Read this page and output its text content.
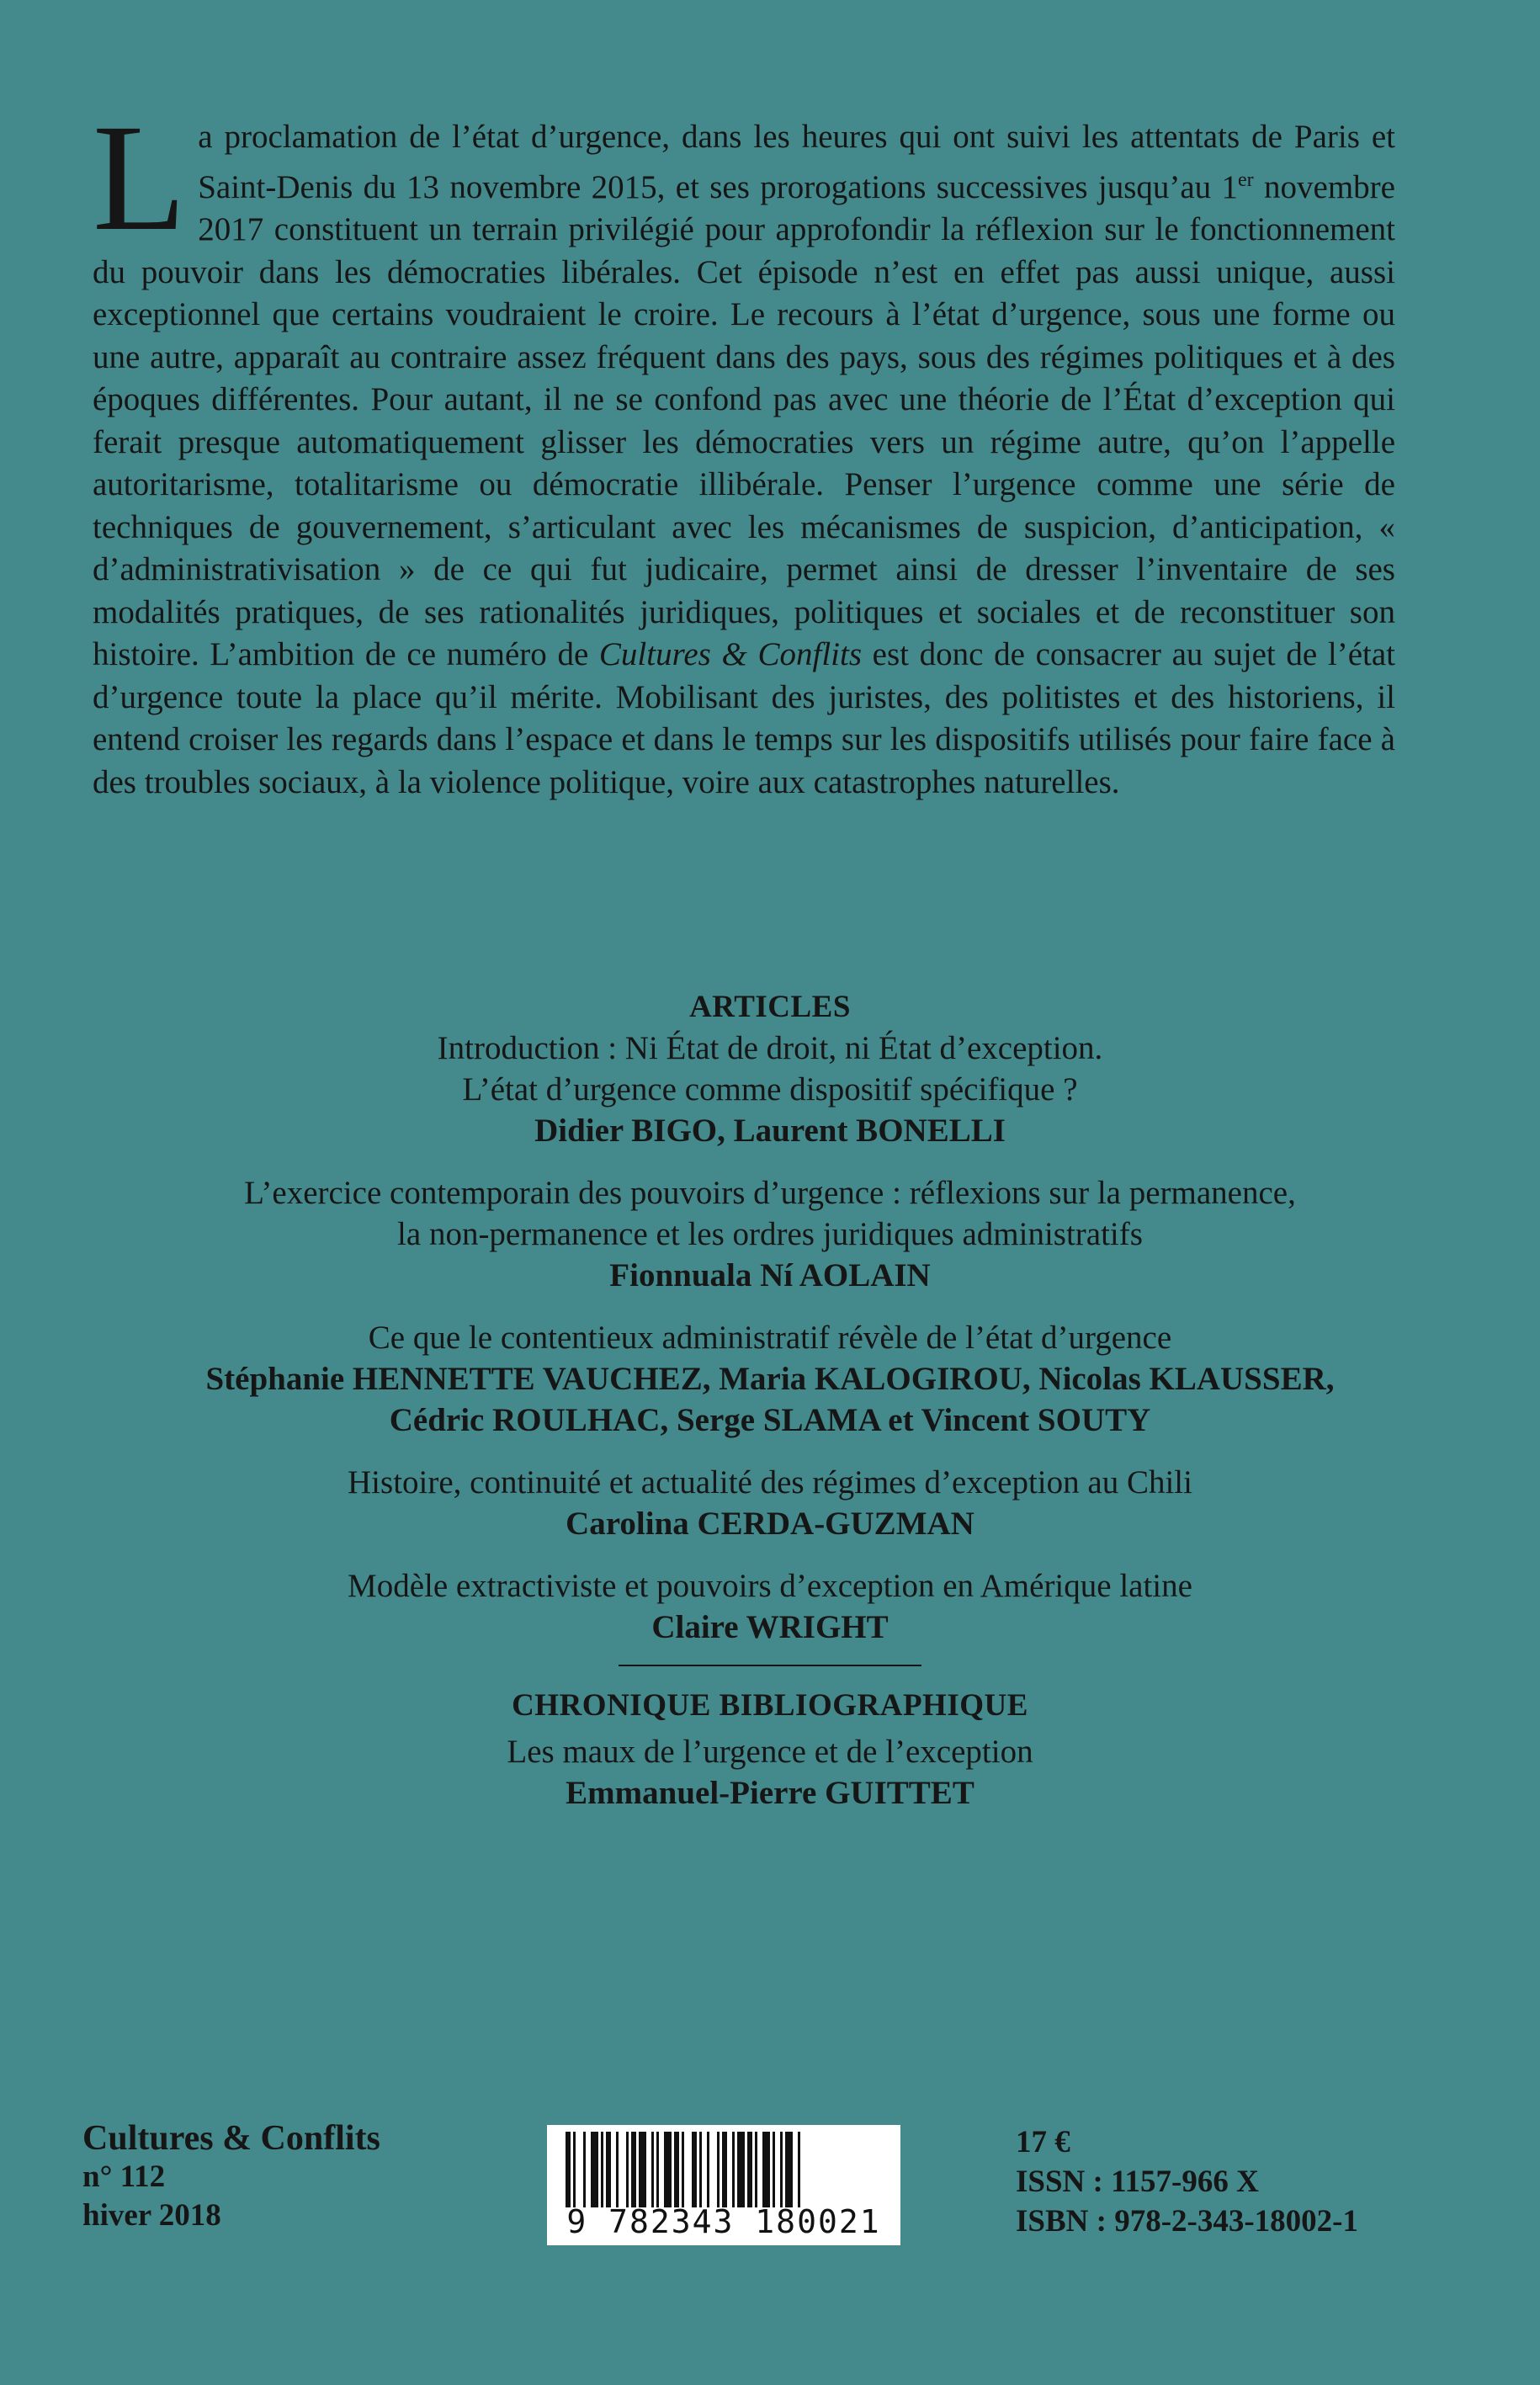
La proclamation de l’état d’urgence, dans les heures qui ont suivi les attentats de Paris et Saint-Denis du 13 novembre 2015, et ses prorogations successives jusqu’au 1er novembre 2017 constituent un terrain privilégié pour approfondir la réflexion sur le fonctionnement du pouvoir dans les démocraties libérales. Cet épisode n’est en effet pas aussi unique, aussi exceptionnel que certains voudraient le croire. Le recours à l’état d’urgence, sous une forme ou une autre, apparaît au contraire assez fréquent dans des pays, sous des régimes politiques et à des époques différentes. Pour autant, il ne se confond pas avec une théorie de l’État d’exception qui ferait presque automatiquement glisser les démocraties vers un régime autre, qu’on l’appelle autoritarisme, totalitarisme ou démocratie illibérale. Penser l’urgence comme une série de techniques de gouvernement, s’articulant avec les mécanismes de suspicion, d’anticipation, « d’administrativisation » de ce qui fut judicaire, permet ainsi de dresser l’inventaire de ses modalités pratiques, de ses rationalités juridiques, politiques et sociales et de reconstituer son histoire. L’ambition de ce numéro de Cultures & Conflits est donc de consacrer au sujet de l’état d’urgence toute la place qu’il mérite. Mobilisant des juristes, des politistes et des historiens, il entend croiser les regards dans l’espace et dans le temps sur les dispositifs utilisés pour faire face à des troubles sociaux, à la violence politique, voire aux catastrophes naturelles.
ARTICLES
Introduction : Ni État de droit, ni État d’exception.
L’état d’urgence comme dispositif spécifique ?
Didier BIGO, Laurent BONELLI
L’exercice contemporain des pouvoirs d’urgence : réflexions sur la permanence,
la non-permanence et les ordres juridiques administratifs
Fionnuala Ní AOLAIN
Ce que le contentieux administratif révèle de l’état d’urgence
Stéphanie HENNETTE VAUCHEZ, Maria KALOGIROU, Nicolas KLAUSSER,
Cédric ROULHAC, Serge SLAMA et Vincent SOUTY
Histoire, continuité et actualité des régimes d’exception au Chili
Carolina CERDA-GUZMAN
Modèle extractiviste et pouvoirs d’exception en Amérique latine
Claire WRIGHT
CHRONIQUE BIBLIOGRAPHIQUE
Les maux de l’urgence et de l’exception
Emmanuel-Pierre GUITTET
Cultures & Conflits
n° 112
hiver 2018	9 782343 180021
17 €
ISSN : 1157-966 X
ISBN : 978-2-343-18002-1
